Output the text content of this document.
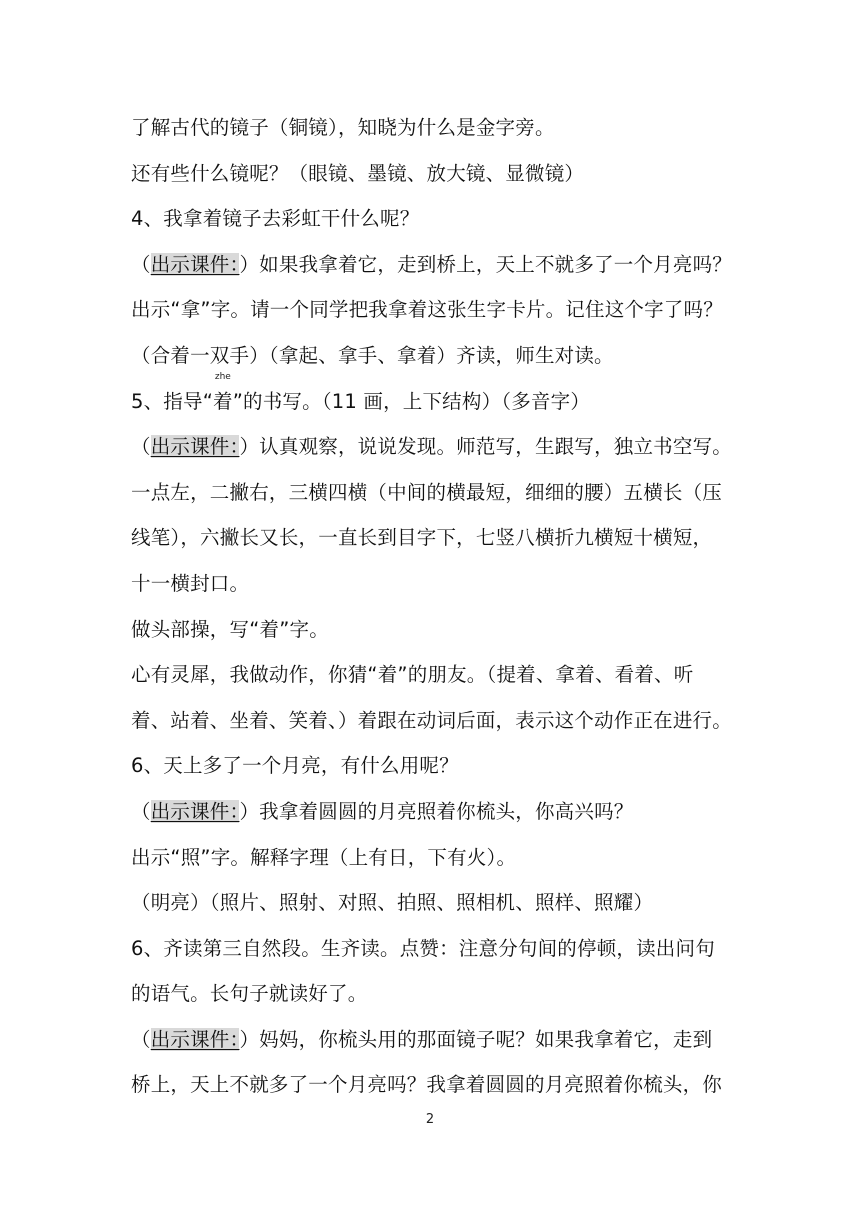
了解古代的镜子（铜镜），知晓为什么是金字旁。
还有些什么镜呢？（眼镜、墨镜、放大镜、显微镜）
4、我拿着镜子去彩虹干什么呢？
（出示课件：）如果我拿着它，走到桥上，天上不就多了一个月亮吗？
出示“拿”字。请一个同学把我拿着这张生字卡片。记住这个字了吗？
（合着一双手）（拿起、拿手、拿着）齐读，师生对读。
5、指导“
zhe
着”的书写。（11 画，上下结构）（多音字）
（出示课件：）认真观察，说说发现。师范写，生跟写，独立书空写。
一点左，二撇右，三横四横（中间的横最短，细细的腰）五横长（压
线笔），六撇长又长，一直长到目字下，七竖八横折九横短十横短，
十一横封口。
做头部操，写“着”字。
心有灵犀，我做动作，你猜“着”的朋友。（提着、拿着、看着、听
着、站着、坐着、笑着、）着跟在动词后面，表示这个动作正在进行。
6、天上多了一个月亮，有什么用呢？
（出示课件：）我拿着圆圆的月亮照着你梳头，你高兴吗？
出示“照”字。解释字理（上有日，下有火）。
（明亮）（照片、照射、对照、拍照、照相机、照样、照耀）
6、齐读第三自然段。生齐读。点赞：注意分句间的停顿，读出问句
的语气。长句子就读好了。
（出示课件：）妈妈，你梳头用的那面镜子呢？如果我拿着它，走到
桥上，天上不就多了一个月亮吗？我拿着圆圆的月亮照着你梳头，你
2
